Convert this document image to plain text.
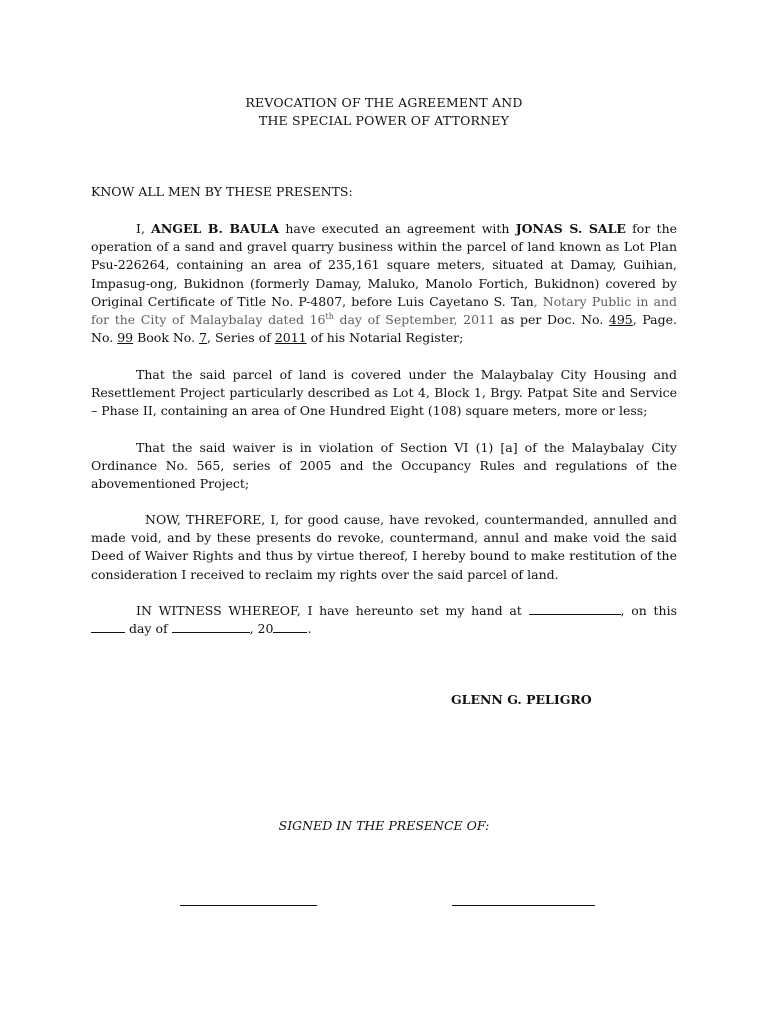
REVOCATION OF THE AGREEMENT AND
THE SPECIAL POWER OF ATTORNEY
KNOW ALL MEN BY THESE PRESENTS:
I, ANGEL B. BAULA have executed an agreement with JONAS S. SALE for the operation of a sand and gravel quarry business within the parcel of land known as Lot Plan Psu-226264, containing an area of 235,161 square meters, situated at Damay, Guihian, Impasug-ong, Bukidnon (formerly Damay, Maluko, Manolo Fortich, Bukidnon) covered by Original Certificate of Title No. P-4807, before Luis Cayetano S. Tan, Notary Public in and for the City of Malaybalay dated 16th day of September, 2011 as per Doc. No. 495, Page. No. 99 Book No. 7, Series of 2011 of his Notarial Register;
That the said parcel of land is covered under the Malaybalay City Housing and Resettlement Project particularly described as Lot 4, Block 1, Brgy. Patpat Site and Service – Phase II, containing an area of One Hundred Eight (108) square meters, more or less;
That the said waiver is in violation of Section VI (1) [a] of the Malaybalay City Ordinance No. 565, series of 2005 and the Occupancy Rules and regulations of the abovementioned Project;
NOW, THREFORE, I, for good cause, have revoked, countermanded, annulled and made void, and by these presents do revoke, countermand, annul and make void the said Deed of Waiver Rights and thus by virtue thereof, I hereby bound to make restitution of the consideration I received to reclaim my rights over the said parcel of land.
IN WITNESS WHEREOF, I have hereunto set my hand at	, on this  day of	, 20	.
GLENN G. PELIGRO
SIGNED IN THE PRESENCE OF:
